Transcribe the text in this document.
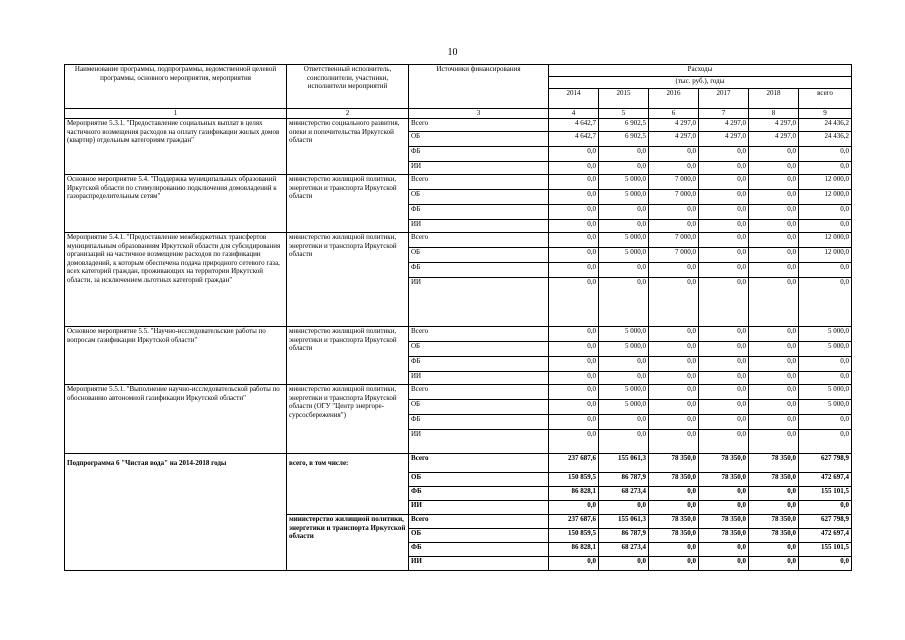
10
Наименование программы, подпрограммы, ведомственной целевой программы, основного мероприятия, мероприятия	Ответственный исполнитель, соисполнители, участники, исполнители мероприятий	Источники финансирования	Расходы					
			(тыс. руб.), годы					
			2014	2015	2016	2017	2018	всего
1	2	3	4	5	6	7	8	9
Мероприятие 5.3.1. "Предоставление социальных выплат в целях частичного возмещения расходов на оплату газификации жилых домов (квартир) отдельным категориям граждан"	министерство социального развития, опеки и попечительства Иркутской области	Всего	4 642,7	6 902,5	4 297,0	4 297,0	4 297,0	24 436,2
		ОБ	4 642,7	6 902,5	4 297,0	4 297,0	4 297,0	24 436,2
		ФБ	0,0	0,0	0,0	0,0	0,0	0,0
		ИИ	0,0	0,0	0,0	0,0	0,0	0,0
Основное мероприятие 5.4. "Поддержка муниципальных образований Иркутской области по стимулированию подключения домовладений к газораспределительным сетям"	министерство жилищной политики, энергетики и транспорта Иркутской области	Всего	0,0	5 000,0	7 000,0	0,0	0,0	12 000,0
		ОБ	0,0	5 000,0	7 000,0	0,0	0,0	12 000,0
		ФБ	0,0	0,0	0,0	0,0	0,0	0,0
		ИИ	0,0	0,0	0,0	0,0	0,0	0,0
Мероприятие 5.4.1. "Предоставление межбюджетных трансфертов муниципальным образованиям Иркутской области для субсидирования организаций на частичное возмещение расходов по газификации домовладений, к которым обеспечена подача природного сетевого газа, всех категорий граждан, проживающих на территории Иркутской области, за исключением льготных категорий граждан"	министерство жилищной политики, энергетики и транспорта Иркутской области	Всего	0,0	5 000,0	7 000,0	0,0	0,0	12 000,0
		ОБ	0,0	5 000,0	7 000,0	0,0	0,0	12 000,0
		ФБ	0,0	0,0	0,0	0,0	0,0	0,0
		ИИ	0,0	0,0	0,0	0,0	0,0	0,0
Основное мероприятие 5.5. "Научно-исследовательские работы по вопросам газификации Иркутской области"	министерство жилищной политики, энергетики и транспорта Иркутской области	Всего	0,0	5 000,0	0,0	0,0	0,0	5 000,0
		ОБ	0,0	5 000,0	0,0	0,0	0,0	5 000,0
		ФБ	0,0	0,0	0,0	0,0	0,0	0,0
		ИИ	0,0	0,0	0,0	0,0	0,0	0,0
Мероприятие 5.5.1. "Выполнение научно-исследовательской работы по обоснованию автономной газификации Иркутской области"	министерство жилищной политики, энергетики и транспорта Иркутской области (ОГУ "Центр энергоре-сурсосбережения")	Всего	0,0	5 000,0	0,0	0,0	0,0	5 000,0
		ОБ	0,0	5 000,0	0,0	0,0	0,0	5 000,0
		ФБ	0,0	0,0	0,0	0,0	0,0	0,0
		ИИ	0,0	0,0	0,0	0,0	0,0	0,0
Подпрограмма 6 "Чистая вода" на 2014-2018 годы	всего, в том числе:	Всего	237 687,6	155 061,3	78 350,0	78 350,0	78 350,0	627 798,9
		ОБ	150 859,5	86 787,9	78 350,0	78 350,0	78 350,0	472 697,4
		ФБ	86 828,1	68 273,4	0,0	0,0	0,0	155 101,5
		ИИ	0,0	0,0	0,0	0,0	0,0	0,0
	министерство жилищной политики, энергетики и транспорта Иркутской области	Всего	237 687,6	155 061,3	78 350,0	78 350,0	78 350,0	627 798,9
		ОБ	150 859,5	86 787,9	78 350,0	78 350,0	78 350,0	472 697,4
		ФБ	86 828,1	68 273,4	0,0	0,0	0,0	155 101,5
		ИИ	0,0	0,0	0,0	0,0	0,0	0,0
